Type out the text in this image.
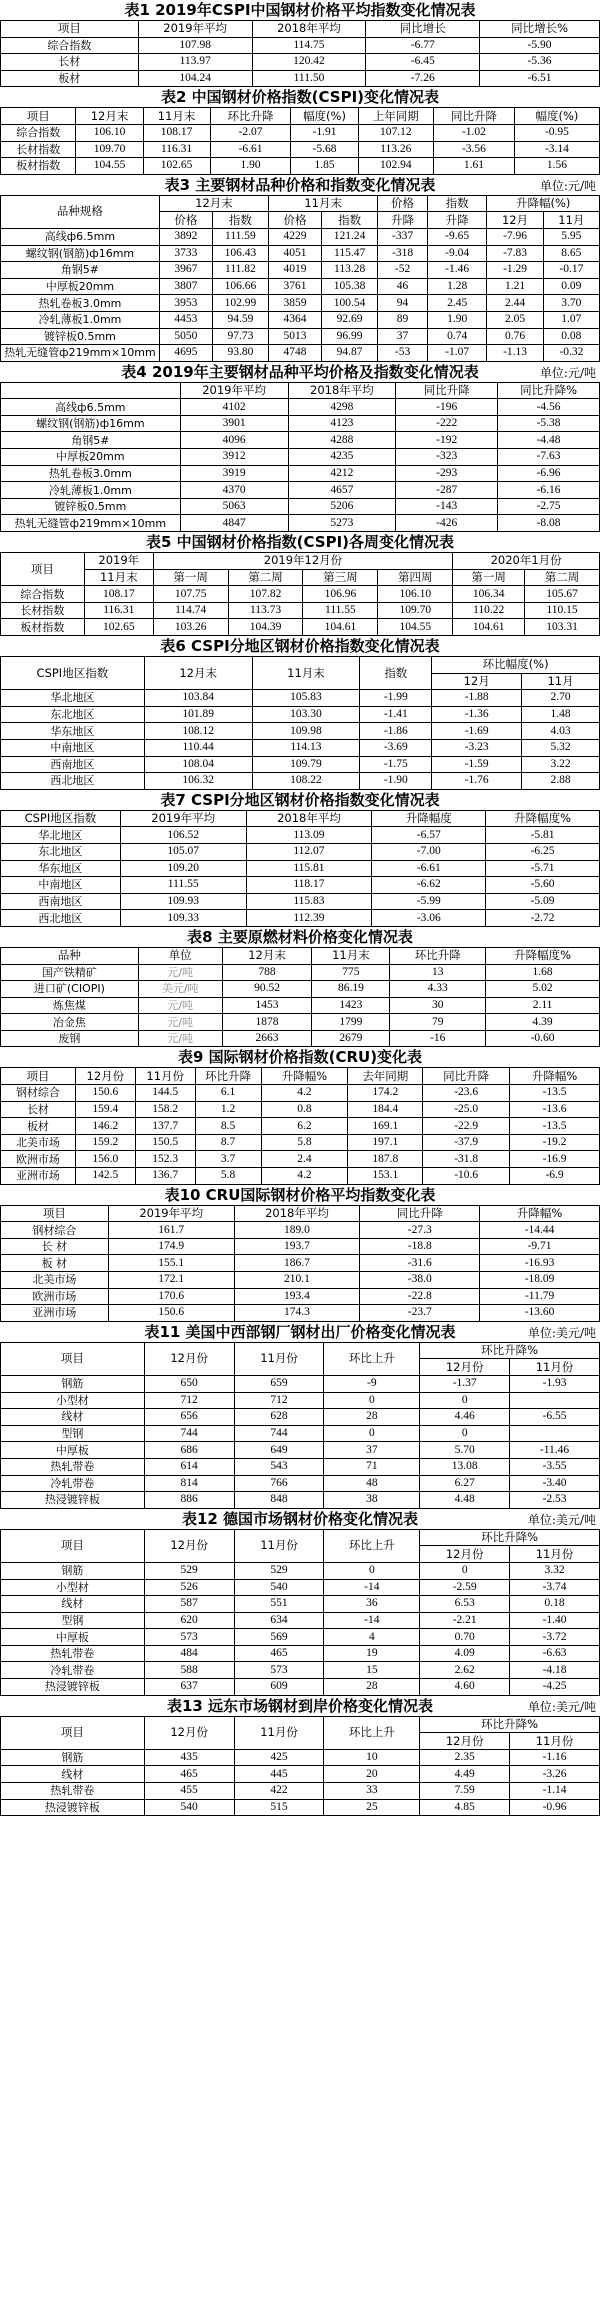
表1 2019年CSPI中国钢材价格平均指数变化情况表
项目	2019年平均	2018年平均	同比增长	同比增长%
综合指数	107.98	114.75	-6.77	-5.90
长材	113.97	120.42	-6.45	-5.36
板材	104.24	111.50	-7.26	-6.51
表2 中国钢材价格指数(CSPI)变化情况表
项目	12月末	11月末	环比升降	幅度(%)	上年同期	同比升降	幅度(%)
综合指数	106.10	108.17	-2.07	-1.91	107.12	-1.02	-0.95
长材指数	109.70	116.31	-6.61	-5.68	113.26	-3.56	-3.14
板材指数	104.55	102.65	1.90	1.85	102.94	1.61	1.56
表3 主要钢材品种价格和指数变化情况表	单位:元/吨
品种规格	12月末		11月末		价格	指数	升降幅(%)	
	价格	指数	价格	指数	升降	升降	12月	11月
高线ф6.5mm	3892	111.59	4229	121.24	-337	-9.65	-7.96	5.95
螺纹钢(钢筋)ф16mm	3733	106.43	4051	115.47	-318	-9.04	-7.83	8.65
角钢5#	3967	111.82	4019	113.28	-52	-1.46	-1.29	-0.17
中厚板20mm	3807	106.66	3761	105.38	46	1.28	1.21	0.09
热轧卷板3.0mm	3953	102.99	3859	100.54	94	2.45	2.44	3.70
冷轧薄板1.0mm	4453	94.59	4364	92.69	89	1.90	2.05	1.07
镀锌板0.5mm	5050	97.73	5013	96.99	37	0.74	0.76	0.08
热轧无缝管ф219mm×10mm	4695	93.80	4748	94.87	-53	-1.07	-1.13	-0.32
表4 2019年主要钢材品种平均价格及指数变化情况表	单位:元/吨
	2019年平均	2018年平均	同比升降	同比升降%
高线ф6.5mm	4102	4298	-196	-4.56
螺纹钢(钢筋)ф16mm	3901	4123	-222	-5.38
角钢5#	4096	4288	-192	-4.48
中厚板20mm	3912	4235	-323	-7.63
热轧卷板3.0mm	3919	4212	-293	-6.96
冷轧薄板1.0mm	4370	4657	-287	-6.16
镀锌板0.5mm	5063	5206	-143	-2.75
热轧无缝管ф219mm×10mm	4847	5273	-426	-8.08
表5 中国钢材价格指数(CSPI)各周变化情况表
项目	2019年	2019年12月份				2020年1月份	
	11月末	第一周	第二周	第三周	第四周	第一周	第二周
综合指数	108.17	107.75	107.82	106.96	106.10	106.34	105.67
长材指数	116.31	114.74	113.73	111.55	109.70	110.22	110.15
板材指数	102.65	103.26	104.39	104.61	104.55	104.61	103.31
表6 CSPI分地区钢材价格指数变化情况表
CSPI地区指数	12月末	11月末	指数	环比幅度(%)	
				12月	11月
华北地区	103.84	105.83	-1.99	-1.88	2.70
东北地区	101.89	103.30	-1.41	-1.36	1.48
华东地区	108.12	109.98	-1.86	-1.69	4.03
中南地区	110.44	114.13	-3.69	-3.23	5.32
西南地区	108.04	109.79	-1.75	-1.59	3.22
西北地区	106.32	108.22	-1.90	-1.76	2.88
表7 CSPI分地区钢材价格指数变化情况表
CSPI地区指数	2019年平均	2018年平均	升降幅度	升降幅度%
华北地区	106.52	113.09	-6.57	-5.81
东北地区	105.07	112.07	-7.00	-6.25
华东地区	109.20	115.81	-6.61	-5.71
中南地区	111.55	118.17	-6.62	-5.60
西南地区	109.93	115.83	-5.99	-5.09
西北地区	109.33	112.39	-3.06	-2.72
表8 主要原燃材料价格变化情况表
品种	单位	12月末	11月末	环比升降	升降幅度%
国产铁精矿	元/吨	788	775	13	1.68
进口矿(CIOPI)	美元/吨	90.52	86.19	4.33	5.02
炼焦煤	元/吨	1453	1423	30	2.11
冶金焦	元/吨	1878	1799	79	4.39
废钢	元/吨	2663	2679	-16	-0.60
表9 国际钢材价格指数(CRU)变化表
项目	12月份	11月份	环比升降	升降幅%	去年同期	同比升降	升降幅%
钢材综合	150.6	144.5	6.1	4.2	174.2	-23.6	-13.5
长材	159.4	158.2	1.2	0.8	184.4	-25.0	-13.6
板材	146.2	137.7	8.5	6.2	169.1	-22.9	-13.5
北美市场	159.2	150.5	8.7	5.8	197.1	-37.9	-19.2
欧洲市场	156.0	152.3	3.7	2.4	187.8	-31.8	-16.9
亚洲市场	142.5	136.7	5.8	4.2	153.1	-10.6	-6.9
表10 CRU国际钢材价格平均指数变化表
项目	2019年平均	2018年平均	同比升降	升降幅%
钢材综合	161.7	189.0	-27.3	-14.44
长 材	174.9	193.7	-18.8	-9.71
板 材	155.1	186.7	-31.6	-16.93
北美市场	172.1	210.1	-38.0	-18.09
欧洲市场	170.6	193.4	-22.8	-11.79
亚洲市场	150.6	174.3	-23.7	-13.60
表11 美国中西部钢厂钢材出厂价格变化情况表	单位:美元/吨
项目	12月份	11月份	环比上升	环比升降%	
				12月份	11月份
钢筋	650	659	-9	-1.37	-1.93
小型材	712	712	0	0	
线材	656	628	28	4.46	-6.55
型钢	744	744	0	0	
中厚板	686	649	37	5.70	-11.46
热轧带卷	614	543	71	13.08	-3.55
冷轧带卷	814	766	48	6.27	-3.40
热浸镀锌板	886	848	38	4.48	-2.53
表12 德国市场钢材价格变化情况表	单位:美元/吨
项目	12月份	11月份	环比上升	环比升降%	
				12月份	11月份
钢筋	529	529	0	0	3.32
小型材	526	540	-14	-2.59	-3.74
线材	587	551	36	6.53	0.18
型钢	620	634	-14	-2.21	-1.40
中厚板	573	569	4	0.70	-3.72
热轧带卷	484	465	19	4.09	-6.63
冷轧带卷	588	573	15	2.62	-4.18
热浸镀锌板	637	609	28	4.60	-4.25
表13 远东市场钢材到岸价格变化情况表	单位:美元/吨
项目	12月份	11月份	环比上升	环比升降%	
				12月份	11月份
钢筋	435	425	10	2.35	-1.16
线材	465	445	20	4.49	-3.26
热轧带卷	455	422	33	7.59	-1.14
热浸镀锌板	540	515	25	4.85	-0.96
